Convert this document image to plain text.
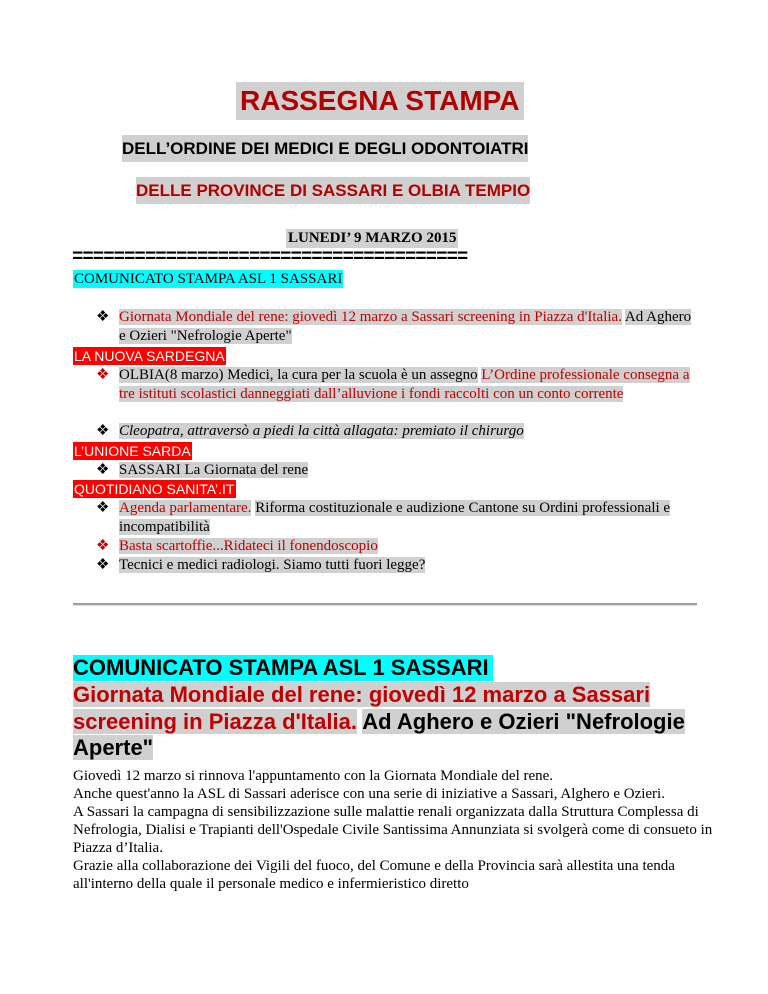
RASSEGNA STAMPA
DELL’ORDINE DEI MEDICI E DEGLI ODONTOIATRI
DELLE PROVINCE DI SASSARI E OLBIA TEMPIO
LUNEDI’ 9 MARZO 2015
======================================
COMUNICATO STAMPA ASL 1 SASSARI
❖ Giornata Mondiale del rene: giovedì 12 marzo a Sassari screening in Piazza d'Italia. Ad Aghero e Ozieri "Nefrologie Aperte"
LA NUOVA SARDEGNA
❖ OLBIA(8 marzo) Medici, la cura per la scuola è un assegno L’Ordine professionale consegna a tre istituti scolastici danneggiati dall’alluvione i fondi raccolti con un conto corrente
❖ Cleopatra, attraversò a piedi la città allagata: premiato il chirurgo
L’UNIONE SARDA
❖ SASSARI La Giornata del rene
QUOTIDIANO SANITA’.IT
❖ Agenda parlamentare. Riforma costituzionale e audizione Cantone su Ordini professionali e incompatibilità
❖ Basta scartoffie...Ridateci il fonendoscopio
❖ Tecnici e medici radiologi. Siamo tutti fuori legge?
COMUNICATO STAMPA ASL 1 SASSARI
Giornata Mondiale del rene: giovedì 12 marzo a Sassari screening in Piazza d'Italia. Ad Aghero e Ozieri "Nefrologie Aperte"
Giovedì 12 marzo si rinnova l'appuntamento con la Giornata Mondiale del rene.
Anche quest'anno la ASL di Sassari aderisce con una serie di iniziative a Sassari, Alghero e Ozieri.
A Sassari la campagna di sensibilizzazione sulle malattie renali organizzata dalla Struttura Complessa di Nefrologia, Dialisi e Trapianti dell'Ospedale Civile Santissima Annunziata si svolgerà come di consueto in Piazza d’Italia.
Grazie alla collaborazione dei Vigili del fuoco, del Comune e della Provincia sarà allestita una tenda all'interno della quale il personale medico e infermieristico diretto
